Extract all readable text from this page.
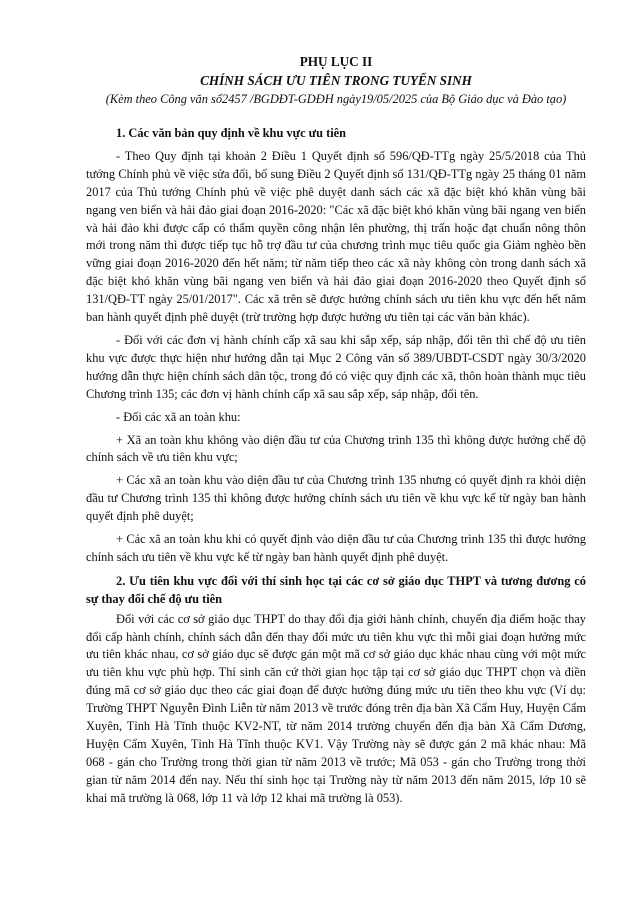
PHỤ LỤC II
CHÍNH SÁCH ƯU TIÊN TRONG TUYỂN SINH
(Kèm theo Công văn số2457 /BGDĐT-GDĐH ngày19/05/2025 của Bộ Giáo dục và Đào tạo)
1. Các văn bản quy định về khu vực ưu tiên

- Theo Quy định tại khoản 2 Điều 1 Quyết định số 596/QĐ-TTg ngày 25/5/2018 của Thủ tướng Chính phủ về việc sửa đổi, bổ sung Điều 2 Quyết định số 131/QĐ-TTg ngày 25 tháng 01 năm 2017 của Thủ tướng Chính phủ về việc phê duyệt danh sách các xã đặc biệt khó khăn vùng bãi ngang ven biển và hải đảo giai đoạn 2016-2020: "Các xã đặc biệt khó khăn vùng bãi ngang ven biển và hải đảo khi được cấp có thẩm quyền công nhận lên phường, thị trấn hoặc đạt chuẩn nông thôn mới trong năm thì được tiếp tục hỗ trợ đầu tư của chương trình mục tiêu quốc gia Giảm nghèo bền vững giai đoạn 2016-2020 đến hết năm; từ năm tiếp theo các xã này không còn trong danh sách xã đặc biệt khó khăn vùng bãi ngang ven biển và hải đảo giai đoạn 2016-2020 theo Quyết định số 131/QĐ-TT ngày 25/01/2017". Các xã trên sẽ được hưởng chính sách ưu tiên khu vực đến hết năm ban hành quyết định phê duyệt (trừ trường hợp được hưởng ưu tiên tại các văn bản khác).

- Đối với các đơn vị hành chính cấp xã sau khi sắp xếp, sáp nhập, đổi tên thì chế độ ưu tiên khu vực được thực hiện như hướng dẫn tại Mục 2 Công văn số 389/UBDT-CSDT ngày 30/3/2020 hướng dẫn thực hiện chính sách dân tộc, trong đó có việc quy định các xã, thôn hoàn thành mục tiêu Chương trình 135; các đơn vị hành chính cấp xã sau sắp xếp, sáp nhập, đổi tên.

- Đối các xã an toàn khu:

+ Xã an toàn khu không vào diện đầu tư của Chương trình 135 thì không được hưởng chế độ chính sách về ưu tiên khu vực;

+ Các xã an toàn khu vào diện đầu tư của Chương trình 135 nhưng có quyết định ra khỏi diện đầu tư Chương trình 135 thì không được hưởng chính sách ưu tiên về khu vực kể từ ngày ban hành quyết định phê duyệt;

+ Các xã an toàn khu khi có quyết định vào diện đầu tư của Chương trình 135 thì được hưởng chính sách ưu tiên về khu vực kể từ ngày ban hành quyết định phê duyệt.

2. Ưu tiên khu vực đối với thí sinh học tại các cơ sở giáo dục THPT và tương đương có sự thay đổi chế độ ưu tiên

Đối với các cơ sở giáo dục THPT do thay đổi địa giới hành chính, chuyển địa điểm hoặc thay đổi cấp hành chính, chính sách dẫn đến thay đổi mức ưu tiên khu vực thì mỗi giai đoạn hưởng mức ưu tiên khác nhau, cơ sở giáo dục sẽ được gán một mã cơ sở giáo dục khác nhau cùng với một mức ưu tiên khu vực phù hợp. Thí sinh căn cứ thời gian học tập tại cơ sở giáo dục THPT chọn và điền đúng mã cơ sở giáo dục theo các giai đoạn để được hưởng đúng mức ưu tiên theo khu vực (Ví dụ: Trường THPT Nguyễn Đình Liễn từ năm 2013 về trước đóng trên địa bàn Xã Cẩm Huy, Huyện Cẩm Xuyên, Tỉnh Hà Tĩnh thuộc KV2-NT, từ năm 2014 trường chuyển đến địa bàn Xã Cẩm Dương, Huyện Cẩm Xuyên, Tỉnh Hà Tĩnh thuộc KV1. Vậy Trường này sẽ được gán 2 mã khác nhau: Mã 068 - gán cho Trường trong thời gian từ năm 2013 về trước; Mã 053 - gán cho Trường trong thời gian từ năm 2014 đến nay. Nếu thí sinh học tại Trường này từ năm 2013 đến năm 2015, lớp 10 sẽ khai mã trường là 068, lớp 11 và lớp 12 khai mã trường là 053).
